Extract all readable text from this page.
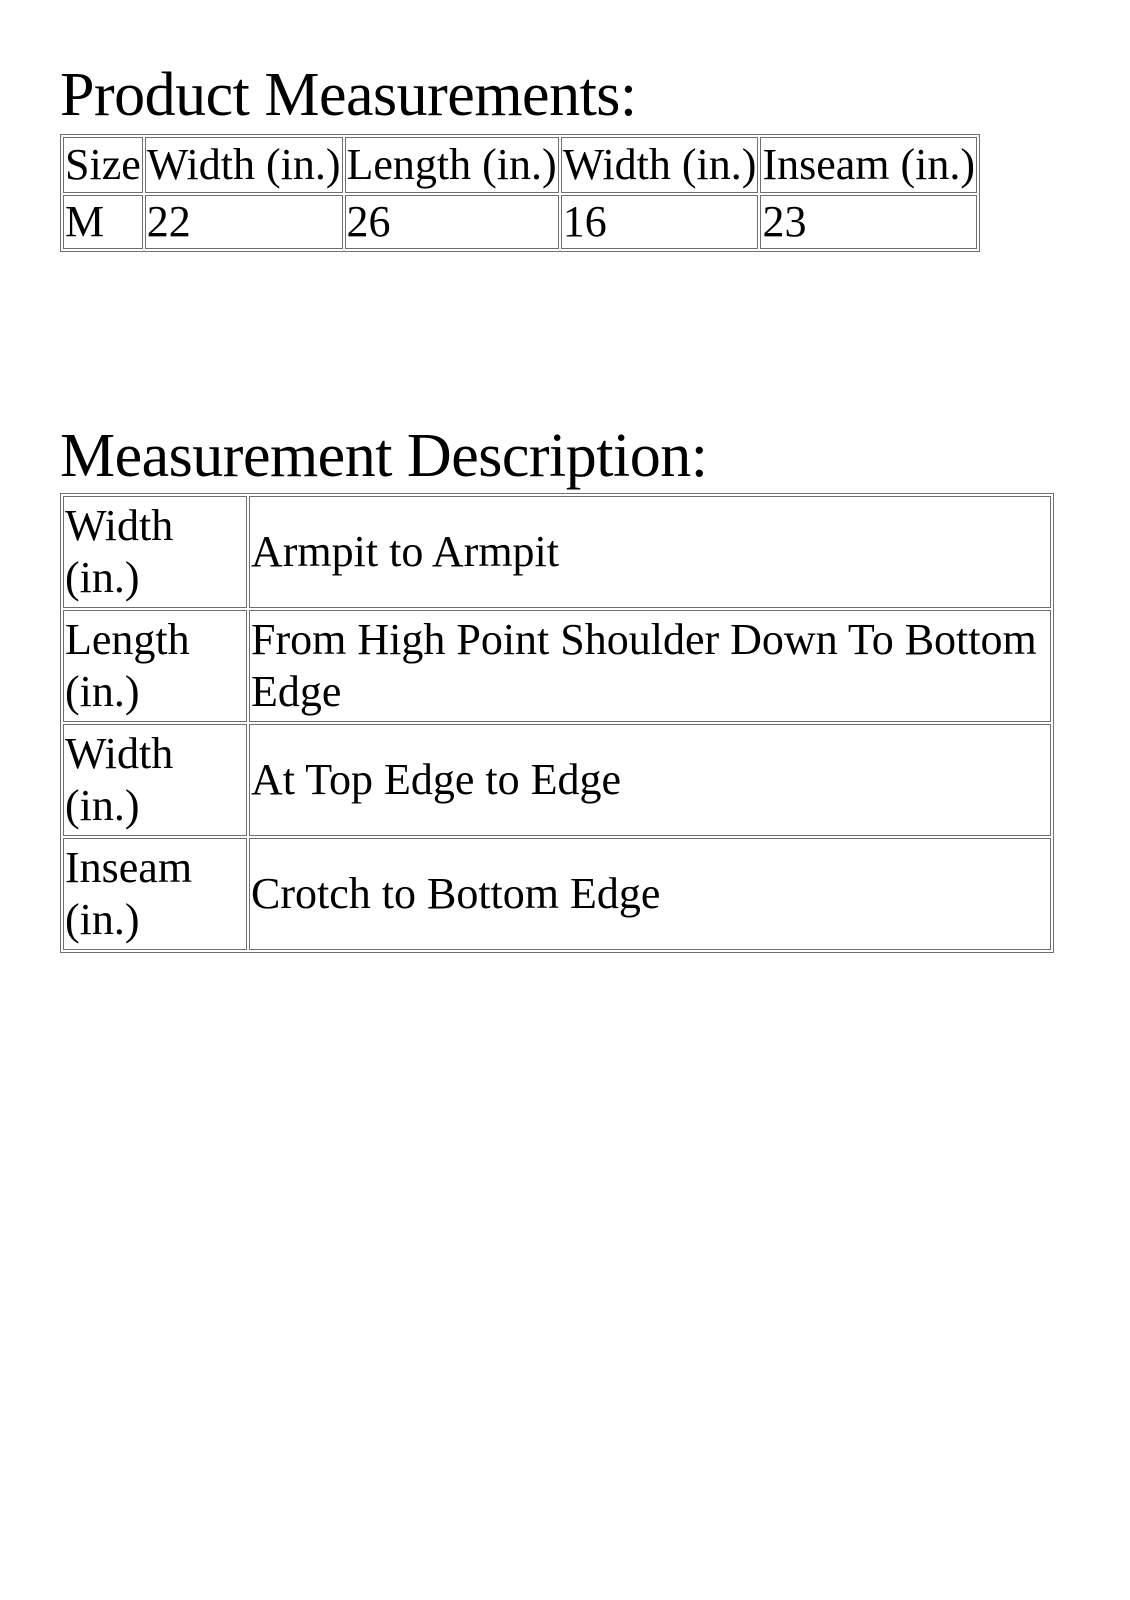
Product Measurements:
Size	Width (in.)	Length (in.)	Width (in.)	Inseam (in.)
M	22	26	16	23
Measurement Description:
Width (in.)	Armpit to Armpit
Length (in.)	From High Point Shoulder Down To Bottom Edge
Width (in.)	At Top Edge to Edge
Inseam (in.)	Crotch to Bottom Edge
